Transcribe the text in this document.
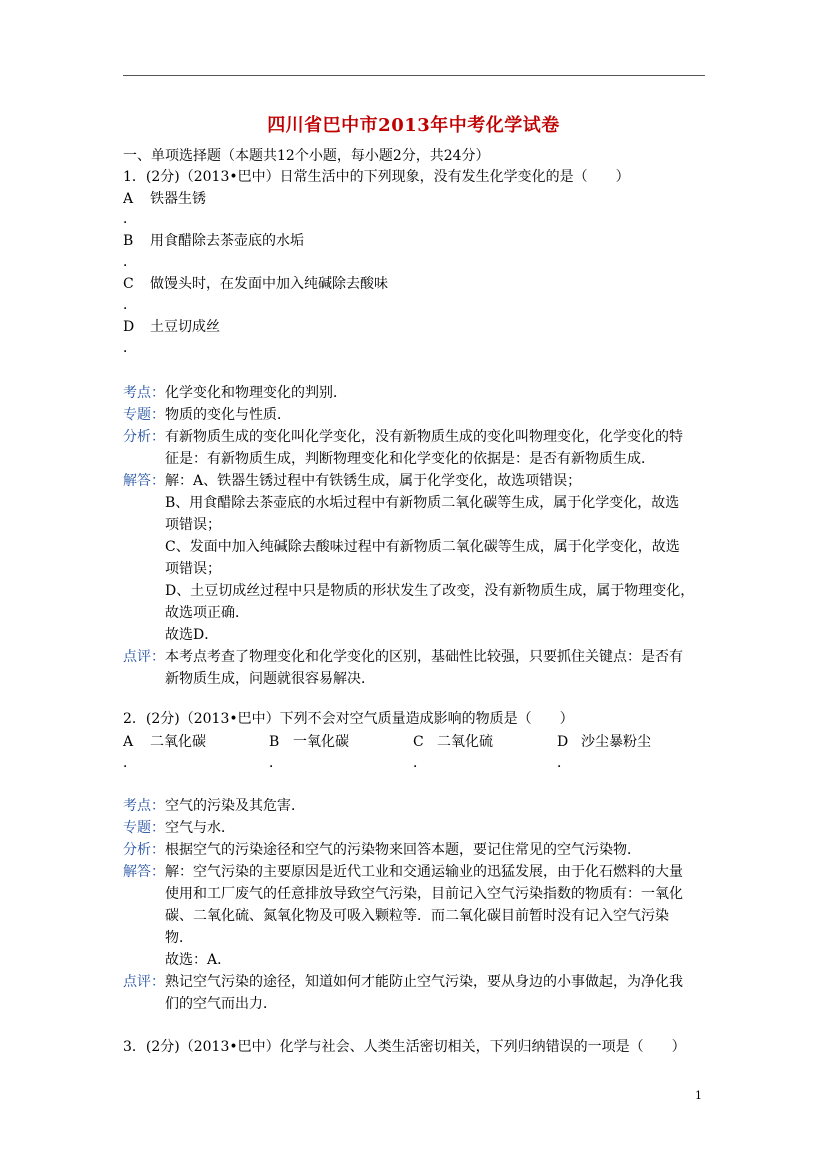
四川省巴中市2013年中考化学试卷
一、单项选择题（本题共12个小题，每小题2分，共24分）
1．(2分)（2013•巴中）日常生活中的下列现象，没有发生化学变化的是（　　）
A 铁器生锈
．
B 用食醋除去茶壶底的水垢
．
C 做馒头时，在发面中加入纯碱除去酸味
．
D 土豆切成丝
．
考点： 化学变化和物理变化的判别．
专题： 物质的变化与性质．
分析： 有新物质生成的变化叫化学变化，没有新物质生成的变化叫物理变化，化学变化的特
征是：有新物质生成，判断物理变化和化学变化的依据是：是否有新物质生成．
解答： 解：A、铁器生锈过程中有铁锈生成，属于化学变化，故选项错误；
B、用食醋除去茶壶底的水垢过程中有新物质二氧化碳等生成，属于化学变化，故选
项错误；
C、发面中加入纯碱除去酸味过程中有新物质二氧化碳等生成，属于化学变化，故选
项错误；
D、土豆切成丝过程中只是物质的形状发生了改变，没有新物质生成，属于物理变化，
故选项正确．
故选D．
点评： 本考点考查了物理变化和化学变化的区别，基础性比较强，只要抓住关键点：是否有
新物质生成，问题就很容易解决．
2．(2分)（2013•巴中）下列不会对空气质量造成影响的物质是（　　）
A 二氧化碳	B 一氧化碳	C 二氧化硫	D 沙尘暴粉尘
．	．	．	．
考点： 空气的污染及其危害．
专题： 空气与水．
分析： 根据空气的污染途径和空气的污染物来回答本题，要记住常见的空气污染物．
解答： 解：空气污染的主要原因是近代工业和交通运输业的迅猛发展，由于化石燃料的大量
使用和工厂废气的任意排放导致空气污染，目前记入空气污染指数的物质有：一氧化
碳、二氧化硫、氮氧化物及可吸入颗粒等．而二氧化碳目前暂时没有记入空气污染
物．
故选：A．
点评： 熟记空气污染的途径，知道如何才能防止空气污染，要从身边的小事做起，为净化我
们的空气而出力．
3．(2分)（2013•巴中）化学与社会、人类生活密切相关，下列归纳错误的一项是（　　）
1
